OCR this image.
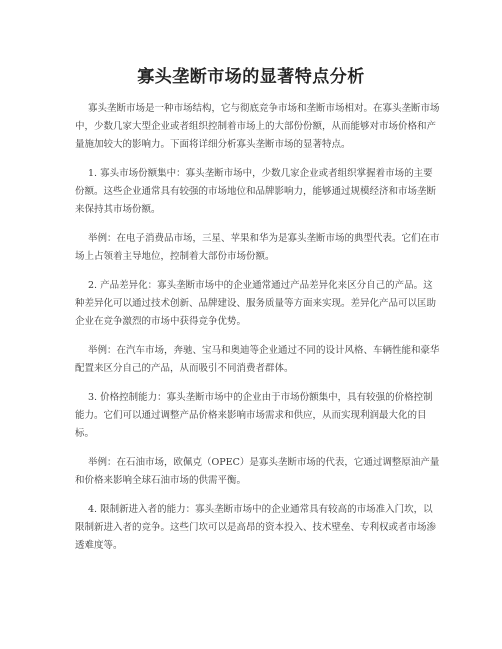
寡头垄断市场的显著特点分析

寡头垄断市场是一种市场结构，它与彻底竞争市场和垄断市场相对。在寡头垄断市场中，少数几家大型企业或者组织控制着市场上的大部份份额，从而能够对市场价格和产量施加较大的影响力。下面将详细分析寡头垄断市场的显著特点。

1. 寡头市场份额集中：寡头垄断市场中，少数几家企业或者组织掌握着市场的主要份额。这些企业通常具有较强的市场地位和品牌影响力，能够通过规模经济和市场垄断来保持其市场份额。

举例：在电子消费品市场，三星、苹果和华为是寡头垄断市场的典型代表。它们在市场上占领着主导地位，控制着大部份市场份额。

2. 产品差异化：寡头垄断市场中的企业通常通过产品差异化来区分自己的产品。这种差异化可以通过技术创新、品牌建设、服务质量等方面来实现。差异化产品可以匡助企业在竞争激烈的市场中获得竞争优势。

举例：在汽车市场，奔驰、宝马和奥迪等企业通过不同的设计风格、车辆性能和豪华配置来区分自己的产品，从而吸引不同消费者群体。

3. 价格控制能力：寡头垄断市场中的企业由于市场份额集中，具有较强的价格控制能力。它们可以通过调整产品价格来影响市场需求和供应，从而实现利润最大化的目标。

举例：在石油市场，欧佩克（OPEC）是寡头垄断市场的代表，它通过调整原油产量和价格来影响全球石油市场的供需平衡。

4. 限制新进入者的能力：寡头垄断市场中的企业通常具有较高的市场准入门坎，以限制新进入者的竞争。这些门坎可以是高昂的资本投入、技术壁垒、专利权或者市场渗透难度等。
